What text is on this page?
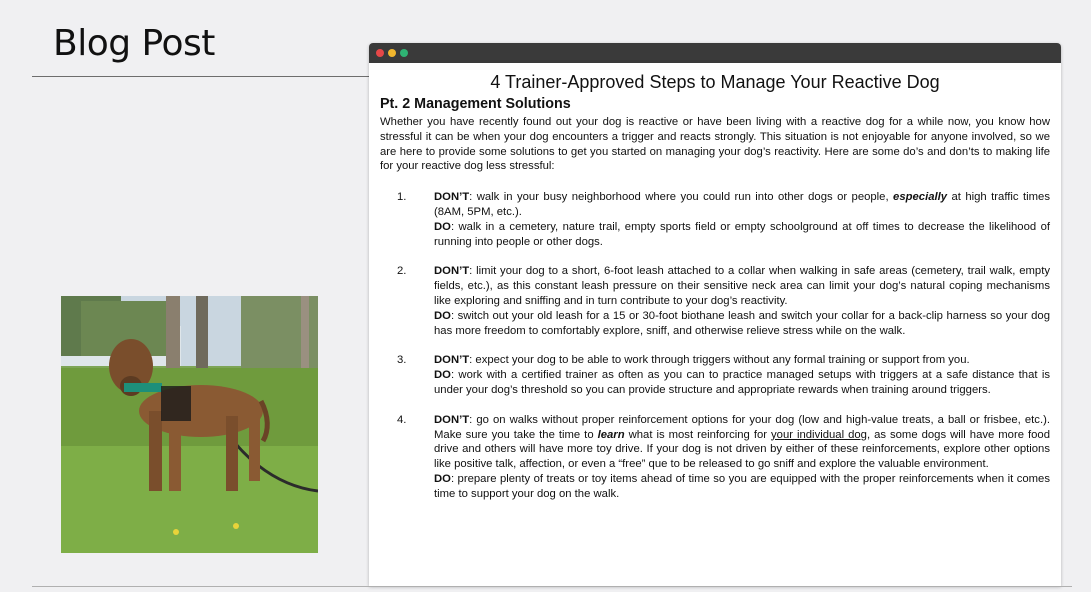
Blog Post
4 Trainer-Approved Steps to Manage Your Reactive Dog
Pt. 2 Management Solutions

Whether you have recently found out your dog is reactive or have been living with a reactive dog for a while now, you know how stressful it can be when your dog encounters a trigger and reacts strongly. This situation is not enjoyable for anyone involved, so we are here to provide some solutions to get you started on managing your dog’s reactivity. Here are some do’s and don’ts to making life for your reactive dog less stressful:

1.	DON’T: walk in your busy neighborhood where you could run into other dogs or people, especially at high traffic times (8AM, 5PM, etc.).

DO: walk in a cemetery, nature trail, empty sports field or empty schoolground at off times to decrease the likelihood of running into people or other dogs.

2.	DON’T: limit your dog to a short, 6-foot leash attached to a collar when walking in safe areas (cemetery, trail walk, empty fields, etc.), as this constant leash pressure on their sensitive neck area can limit your dog’s natural coping mechanisms like exploring and sniffing and in turn contribute to your dog’s reactivity.

DO: switch out your old leash for a 15 or 30-foot biothane leash and switch your collar for a back-clip harness so your dog has more freedom to comfortably explore, sniff, and otherwise relieve stress while on the walk.

3.	DON’T: expect your dog to be able to work through triggers without any formal training or support from you.

DO: work with a certified trainer as often as you can to practice managed setups with triggers at a safe distance that is under your dog’s threshold so you can provide structure and appropriate rewards when training around triggers.

4.	DON’T: go on walks without proper reinforcement options for your dog (low and high-value treats, a ball or frisbee, etc.). Make sure you take the time to learn what is most reinforcing for your individual dog, as some dogs will have more food drive and others will have more toy drive. If your dog is not driven by either of these reinforcements, explore other options like positive talk, affection, or even a “free” que to be released to go sniff and explore the valuable environment.

DO: prepare plenty of treats or toy items ahead of time so you are equipped with the proper reinforcements when it comes time to support your dog on the walk.
